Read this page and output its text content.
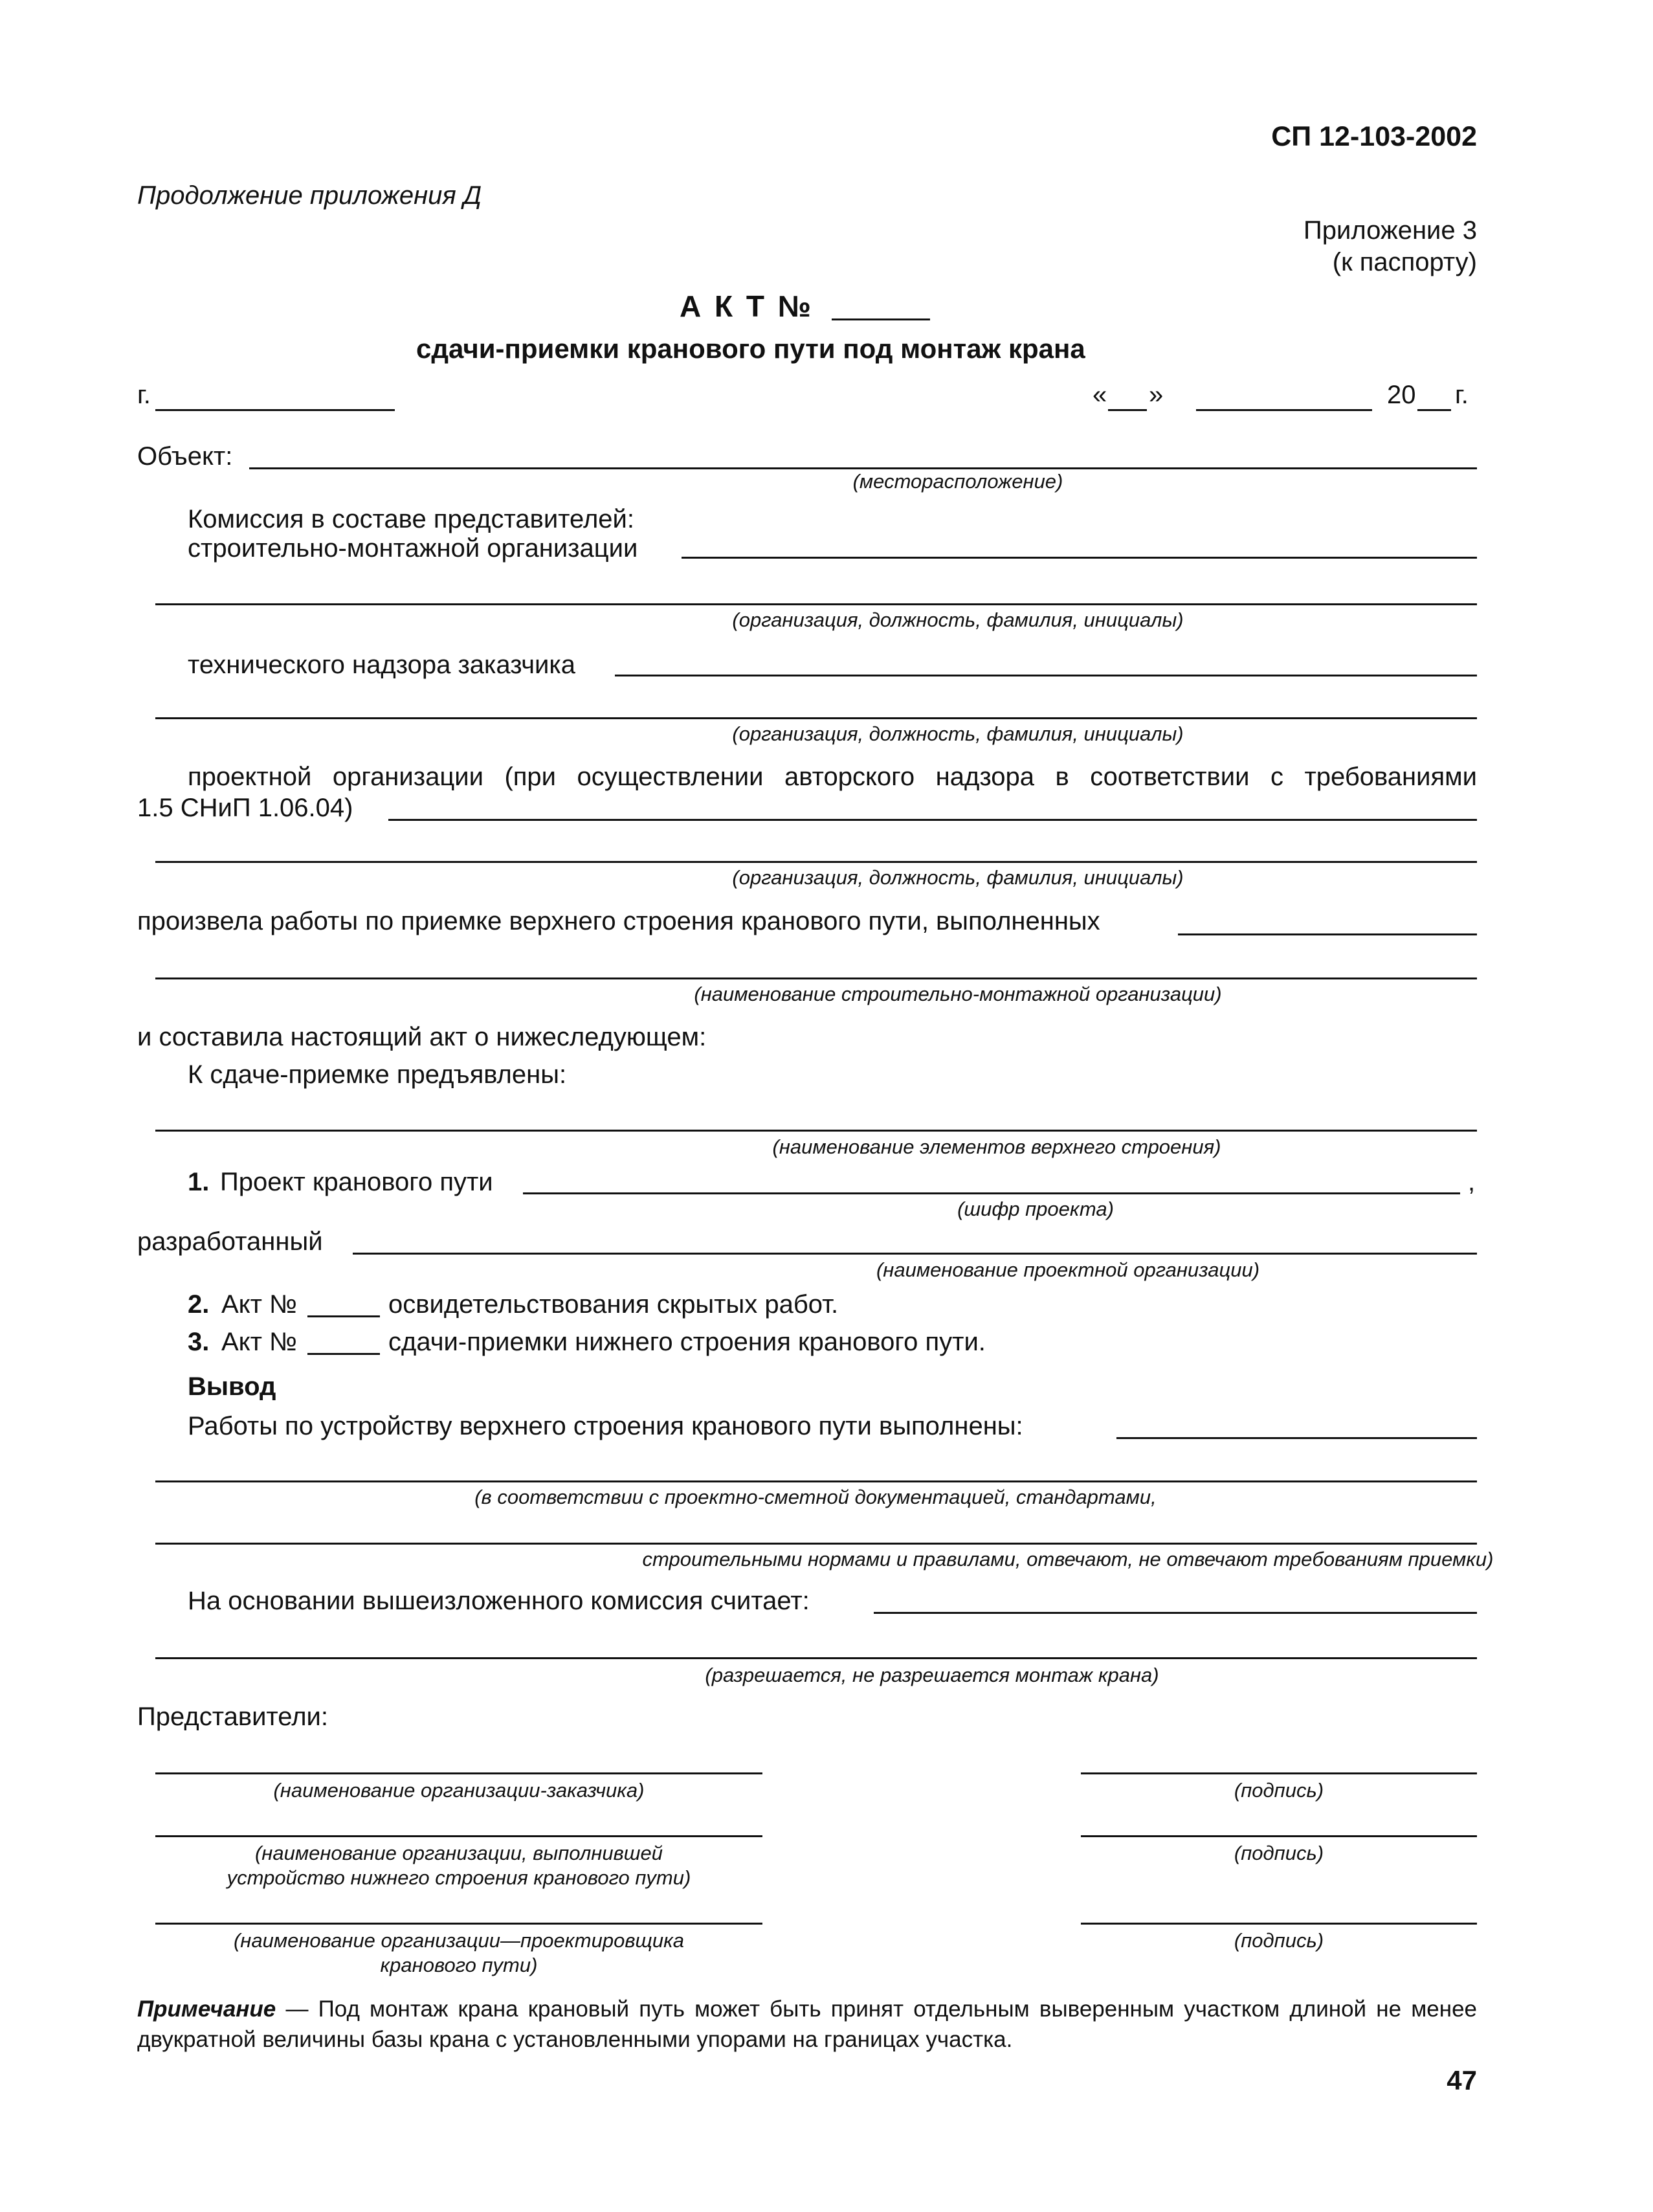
СП 12-103-2002
Продолжение приложения Д
Приложение 3
(к паспорту)
А К Т №
сдачи-приемки кранового пути под монтаж крана
г.	« »	20 г.
Объект:
(месторасположение)
Комиссия в составе представителей:
строительно-монтажной организации
(организация, должность, фамилия, инициалы)
технического надзора заказчика
(организация, должность, фамилия, инициалы)
проектной организации (при осуществлении авторского надзора в соответствии с требованиями
1.5 СНиП 1.06.04)
(организация, должность, фамилия, инициалы)
произвела работы по приемке верхнего строения кранового пути, выполненных
(наименование строительно-монтажной организации)
и составила настоящий акт о нижеследующем:
К сдаче-приемке предъявлены:
(наименование элементов верхнего строения)
1. Проект кранового пути	,
(шифр проекта)
разработанный
(наименование проектной организации)
2. Акт №	освидетельствования скрытых работ.
3. Акт №	сдачи-приемки нижнего строения кранового пути.
Вывод
Работы по устройству верхнего строения кранового пути выполнены:
(в соответствии с проектно-сметной документацией, стандартами,
строительными нормами и правилами, отвечают, не отвечают требованиям приемки)
На основании вышеизложенного комиссия считает:
(разрешается, не разрешается монтаж крана)
Представители:
(наименование организации-заказчика)	(подпись)
(наименование организации, выполнившей
устройство нижнего строения кранового пути)
(подпись)
(наименование организации—проектировщика
кранового пути)
(подпись)
Примечание — Под монтаж крана крановый путь может быть принят отдельным выверенным участком длиной не менее двукратной величины базы крана с установленными упорами на границах участка.
47
